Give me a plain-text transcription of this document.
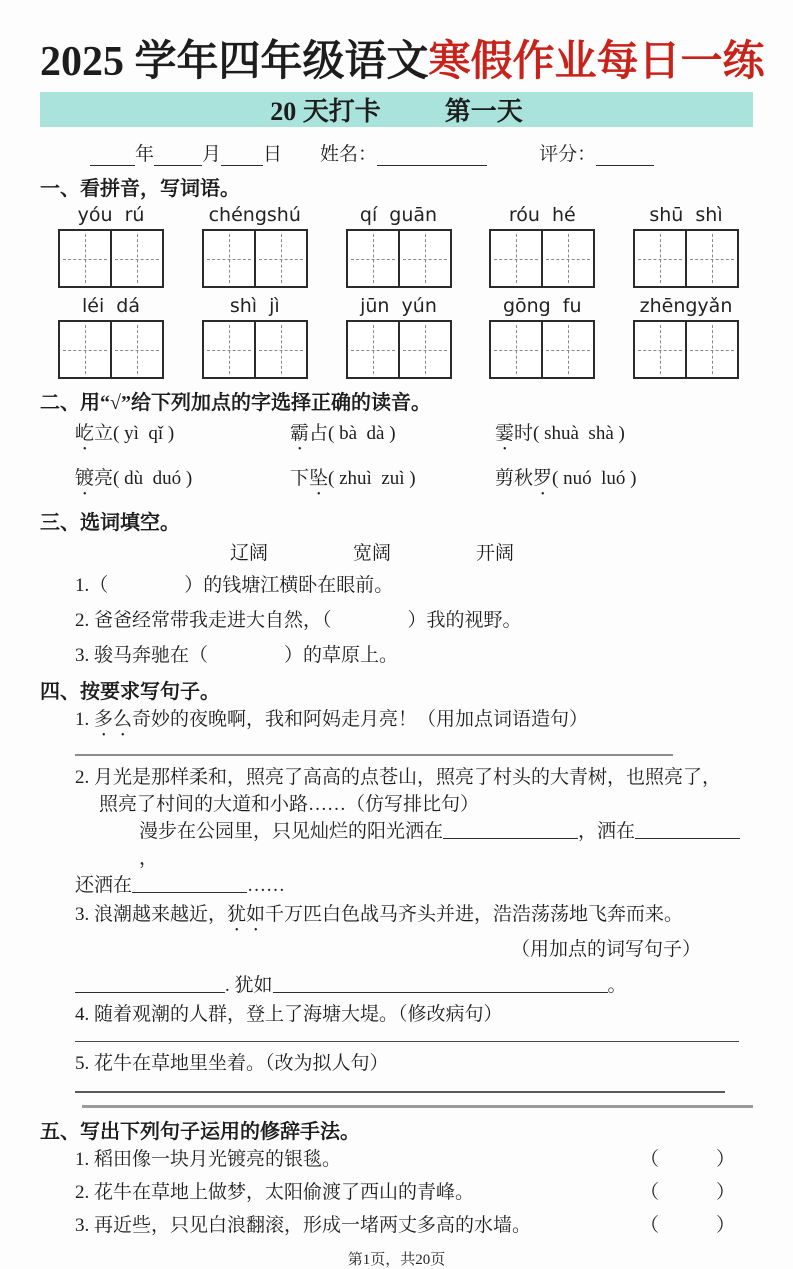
2025 学年四年级语文寒假作业每日一练
20 天打卡 第一天
年	月 日 姓名：	评分：
一、看拼音，写词语。
yóu  rú	chéngshú	qí  guān	róu  hé	shū  shì
léi  dá	shì  jì	jūn  yún	gōng  fu	zhēngyǎn
二、用“√”给下列加点的字选择正确的读音。
屹立( yì  qǐ )	霸占( bà  dà )	霎时( shuà  shà )
镀亮( dù  duó )	下坠( zhuì  zuì )	剪秋罗( nuó  luó )
三、选词填空。
辽阔	宽阔	开阔
1.（　　　　）的钱塘江横卧在眼前。
2. 爸爸经常带我走进大自然，（　　　　）我的视野。
3. 骏马奔驰在（　　　　）的草原上。
四、按要求写句子。
1. 多么奇妙的夜晚啊，我和阿妈走月亮！（用加点词语造句）
2. 月光是那样柔和，照亮了高高的点苍山，照亮了村头的大青树，也照亮了，
照亮了村间的大道和小路……（仿写排比句）
漫步在公园里，只见灿烂的阳光洒在	，洒在，
还洒在	……
3. 浪潮越来越近，犹如千万匹白色战马齐头并进，浩浩荡荡地飞奔而来。
（用加点的词写句子）
. 犹如	。
4. 随着观潮的人群，登上了海塘大堤。（修改病句）
5. 花牛在草地里坐着。（改为拟人句）
五、写出下列句子运用的修辞手法。
1. 稻田像一块月光镀亮的银毯。	（　　　）
2. 花牛在草地上做梦，太阳偷渡了西山的青峰。	（　　　）
3. 再近些，只见白浪翻滚，形成一堵两丈多高的水墙。	（　　　）
第1页，共20页
